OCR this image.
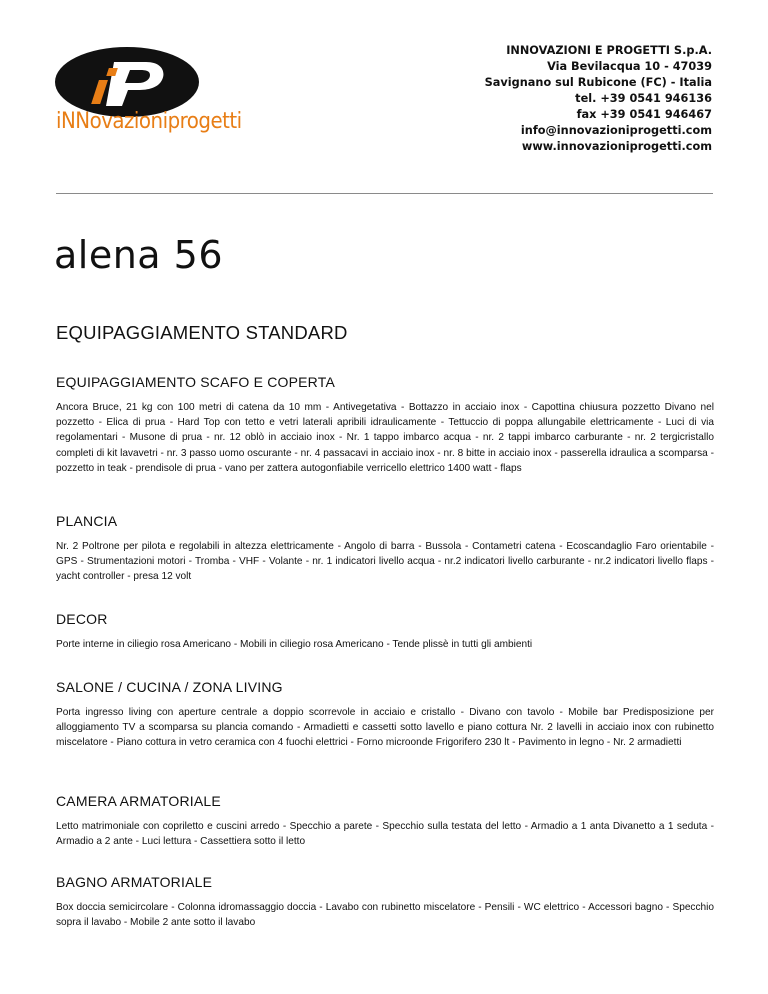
iNNovazioniprogetti
INNOVAZIONI E PROGETTI S.p.A.
Via Bevilacqua 10 - 47039
Savignano sul Rubicone (FC) - Italia
tel. +39 0541 946136
fax +39 0541 946467
info@innovazioniprogetti.com
www.innovazioniprogetti.com
alena 56
EQUIPAGGIAMENTO STANDARD
EQUIPAGGIAMENTO SCAFO E COPERTA

Ancora Bruce, 21 kg con 100 metri di catena da 10 mm - Antivegetativa - Bottazzo in acciaio inox - Capottina chiusura pozzetto Divano nel pozzetto - Elica di prua - Hard Top con tetto e vetri laterali apribili idraulicamente - Tettuccio di poppa allungabile elettricamente - Luci di via regolamentari - Musone di prua - nr. 12 oblò in acciaio inox - Nr. 1 tappo imbarco acqua - nr. 2 tappi imbarco carburante - nr. 2 tergicristallo completi di kit lavavetri - nr. 3 passo uomo oscurante - nr. 4 passacavi in acciaio inox - nr. 8 bitte in acciaio inox - passerella idraulica a scomparsa - pozzetto in teak - prendisole di prua - vano per zattera autogonfiabile verricello elettrico 1400 watt - flaps

PLANCIA

Nr. 2 Poltrone per pilota e regolabili in altezza elettricamente - Angolo di barra - Bussola - Contametri catena - Ecoscandaglio Faro orientabile - GPS - Strumentazioni motori - Tromba - VHF - Volante - nr. 1 indicatori livello acqua - nr.2 indicatori livello carburante - nr.2 indicatori livello flaps - yacht controller - presa 12 volt

DECOR

Porte interne in ciliegio rosa Americano - Mobili in ciliegio rosa Americano - Tende plissè in tutti gli ambienti

SALONE / CUCINA / ZONA LIVING

Porta ingresso living con aperture centrale a doppio scorrevole in acciaio e cristallo - Divano con tavolo - Mobile bar Predisposizione per alloggiamento TV a scomparsa su plancia comando - Armadietti e cassetti sotto lavello e piano cottura Nr. 2 lavelli in acciaio inox con rubinetto miscelatore - Piano cottura in vetro ceramica con 4 fuochi elettrici - Forno microonde Frigorifero 230 lt - Pavimento in legno - Nr. 2 armadietti

CAMERA ARMATORIALE

Letto matrimoniale con copriletto e cuscini arredo - Specchio a parete - Specchio sulla testata del letto - Armadio a 1 anta Divanetto a 1 seduta - Armadio a 2 ante - Luci lettura - Cassettiera sotto il letto

BAGNO ARMATORIALE

Box doccia semicircolare - Colonna idromassaggio doccia - Lavabo con rubinetto miscelatore - Pensili - WC elettrico - Accessori bagno - Specchio sopra il lavabo - Mobile 2 ante sotto il lavabo
